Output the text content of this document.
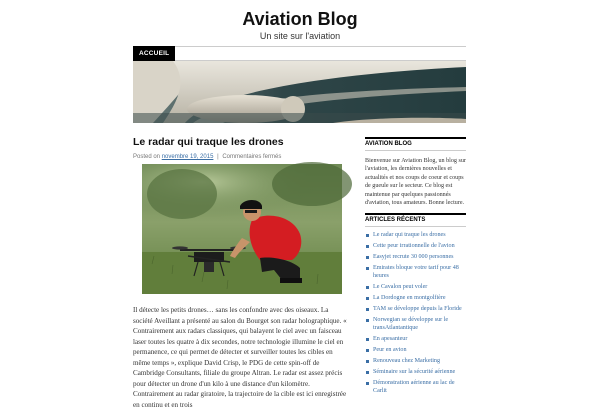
Aviation Blog
Un site sur l'aviation
ACCUEIL
Le radar qui traque les drones
Posted on novembre 19, 2015 | Commentaires fermés
Il détecte les petits drones… sans les confondre avec des oiseaux. La société Aveillant a présenté au salon du Bourget son radar holographique. « Contrairement aux radars classiques, qui balayent le ciel avec un faisceau laser toutes les quatre à dix secondes, notre technologie illumine le ciel en permanence, ce qui permet de détecter et surveiller toutes les cibles en même temps », explique David Crisp, le PDG de cette spin-off de Cambridge Consultants, filiale du groupe Altran. Le radar est assez précis pour détecter un drone d'un kilo à une distance d'un kilomètre. Contrairement au radar giratoire, la trajectoire de la cible est ici enregistrée en continu et en trois
AVIATION BLOG

Bienvenue sur Aviation Blog, un blog sur l'aviation, les dernières nouvelles et actualités et nos coups de coeur et coups de gueule sur le secteur. Ce blog est maintenue par quelques passionnés d'aviation, tous amateurs. Bonne lecture.

ARTICLES RÉCENTS
Le radar qui traque les drones
Cette peur irrationnelle de l'avion
Easyjet recrute 30 000 personnes
Emirates bloque votre tarif pour 48 heures
Le Cavalon peut voler
La Dordogne en montgolfière
TAM se développe depuis la Floride
Norwegian se développe sur le transAtlantantique
En apesanteur
Peur en avion
Renouveau chez Marketing
Séminaire sur la sécurité aérienne
Démonstration aérienne au lac de Carlit
